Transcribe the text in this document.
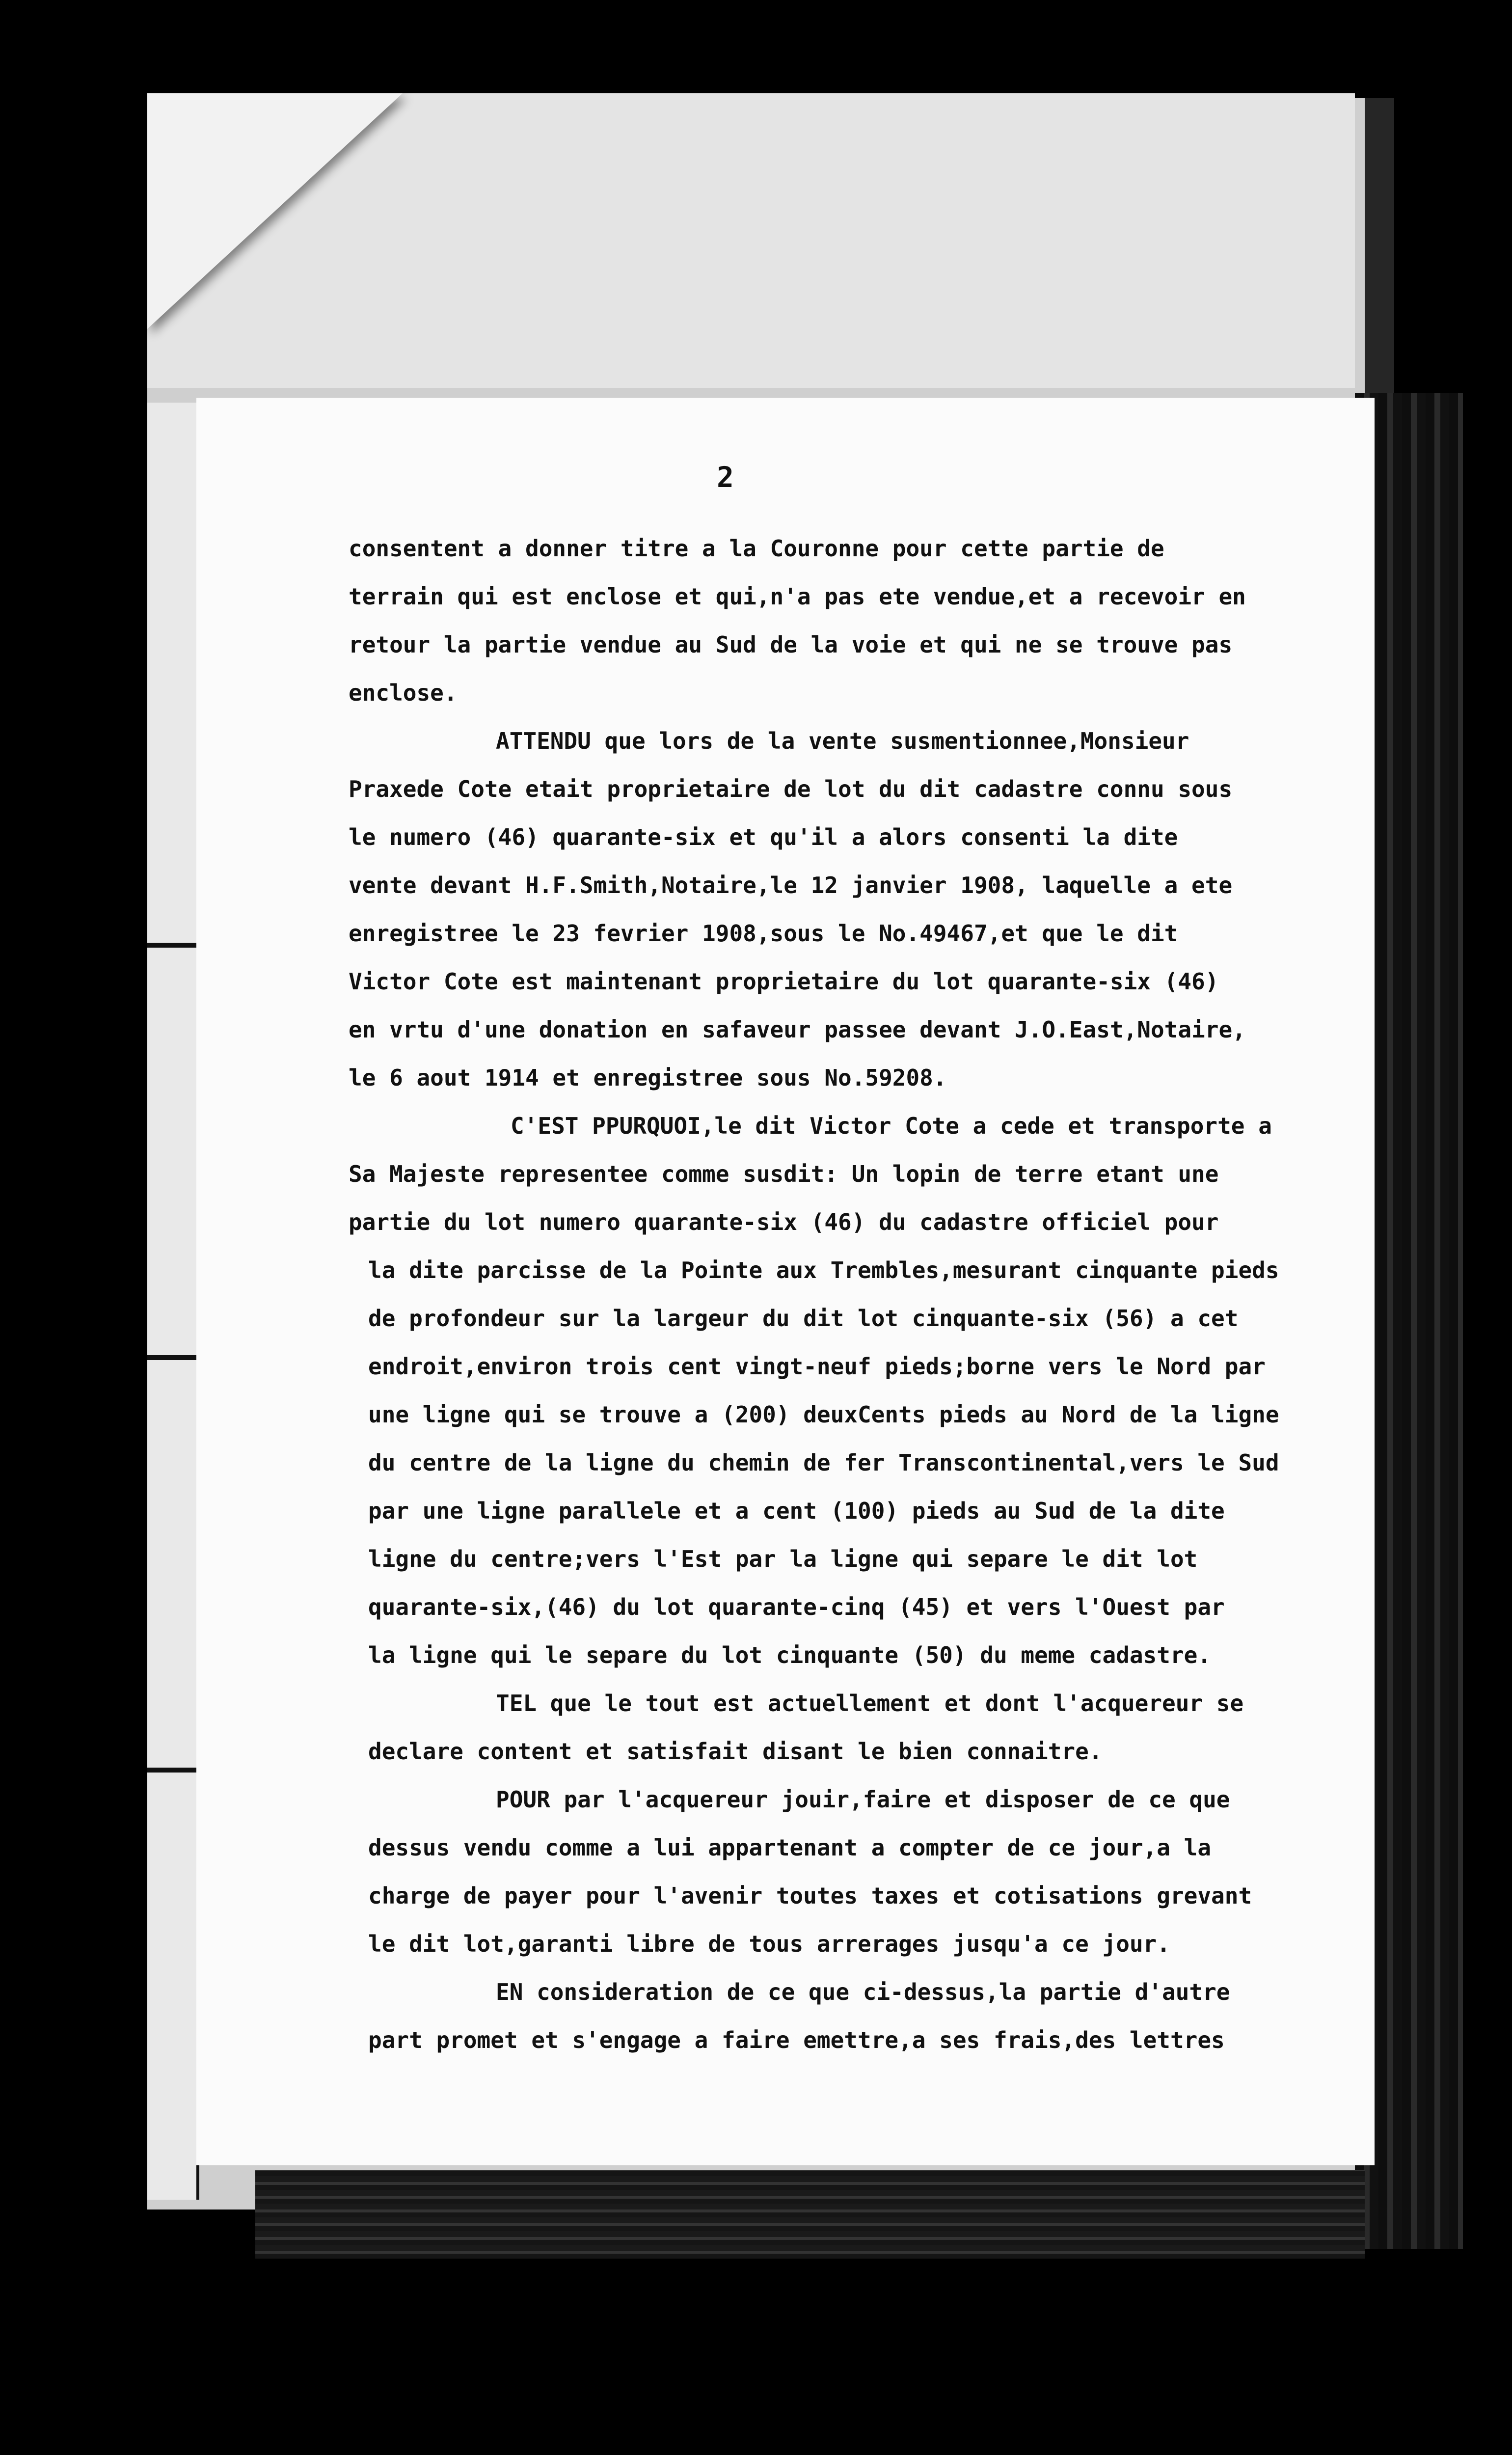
2
consentent a donner titre a la Couronne pour cette partie de
terrain qui est enclose et qui,n'a pas ete vendue,et a recevoir en
retour la partie vendue au Sud de la voie et qui ne se trouve pas
enclose.
ATTENDU que lors de la vente susmentionnee,Monsieur
Praxede Cote etait proprietaire de lot du dit cadastre connu sous
le numero (46) quarante-six et qu'il a alors consenti la dite
vente devant H.F.Smith,Notaire,le 12 janvier 1908, laquelle a ete
enregistree le 23 fevrier 1908,sous le No.49467,et que le dit
Victor Cote est maintenant proprietaire du lot quarante-six (46)
en vrtu d'une donation en safaveur passee devant J.O.East,Notaire,
le 6 aout 1914 et enregistree sous No.59208.
C'EST PPURQUOI,le dit Victor Cote a cede et transporte a
Sa Majeste representee comme susdit: Un lopin de terre etant une
partie du lot numero quarante-six (46) du cadastre officiel pour
la dite parcisse de la Pointe aux Trembles,mesurant cinquante pieds
de profondeur sur la largeur du dit lot cinquante-six (56) a cet
endroit,environ trois cent vingt-neuf pieds;borne vers le Nord par
une ligne qui se trouve a (200) deuxCents pieds au Nord de la ligne
du centre de la ligne du chemin de fer Transcontinental,vers le Sud
par une ligne parallele et a cent (100) pieds au Sud de la dite
ligne du centre;vers l'Est par la ligne qui separe le dit lot
quarante-six,(46) du lot quarante-cinq (45) et vers l'Ouest par
la ligne qui le separe du lot cinquante (50) du meme cadastre.
TEL que le tout est actuellement et dont l'acquereur se
declare content et satisfait disant le bien connaitre.
POUR par l'acquereur jouir,faire et disposer de ce que
dessus vendu comme a lui appartenant a compter de ce jour,a la
charge de payer pour l'avenir toutes taxes et cotisations grevant
le dit lot,garanti libre de tous arrerages jusqu'a ce jour.
EN consideration de ce que ci-dessus,la partie d'autre
part promet et s'engage a faire emettre,a ses frais,des lettres
